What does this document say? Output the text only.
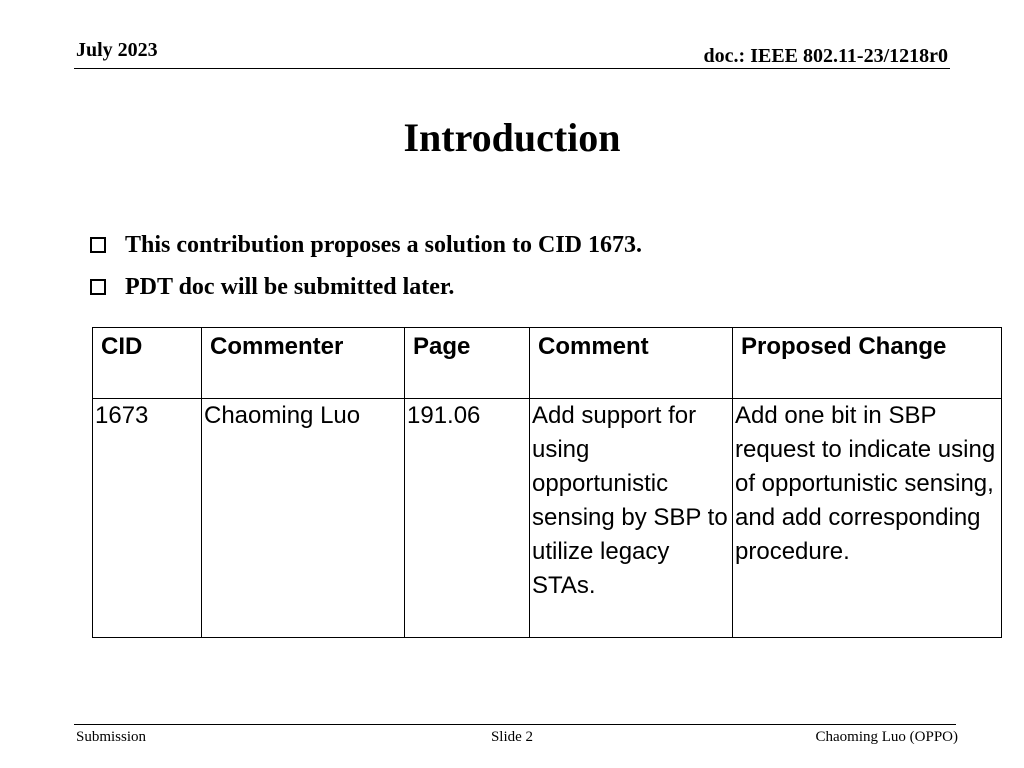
July 2023	doc.: IEEE 802.11-23/1218r0
Introduction
This contribution proposes a solution to CID 1673.
PDT doc will be submitted later.
CID	Commenter	Page	Comment	Proposed Change
1673	Chaoming Luo	191.06	Add support for using opportunistic sensing by SBP to utilize legacy STAs.	Add one bit in SBP request to indicate using of opportunistic sensing, and add corresponding procedure.
Submission	Slide 2	Chaoming Luo (OPPO)
